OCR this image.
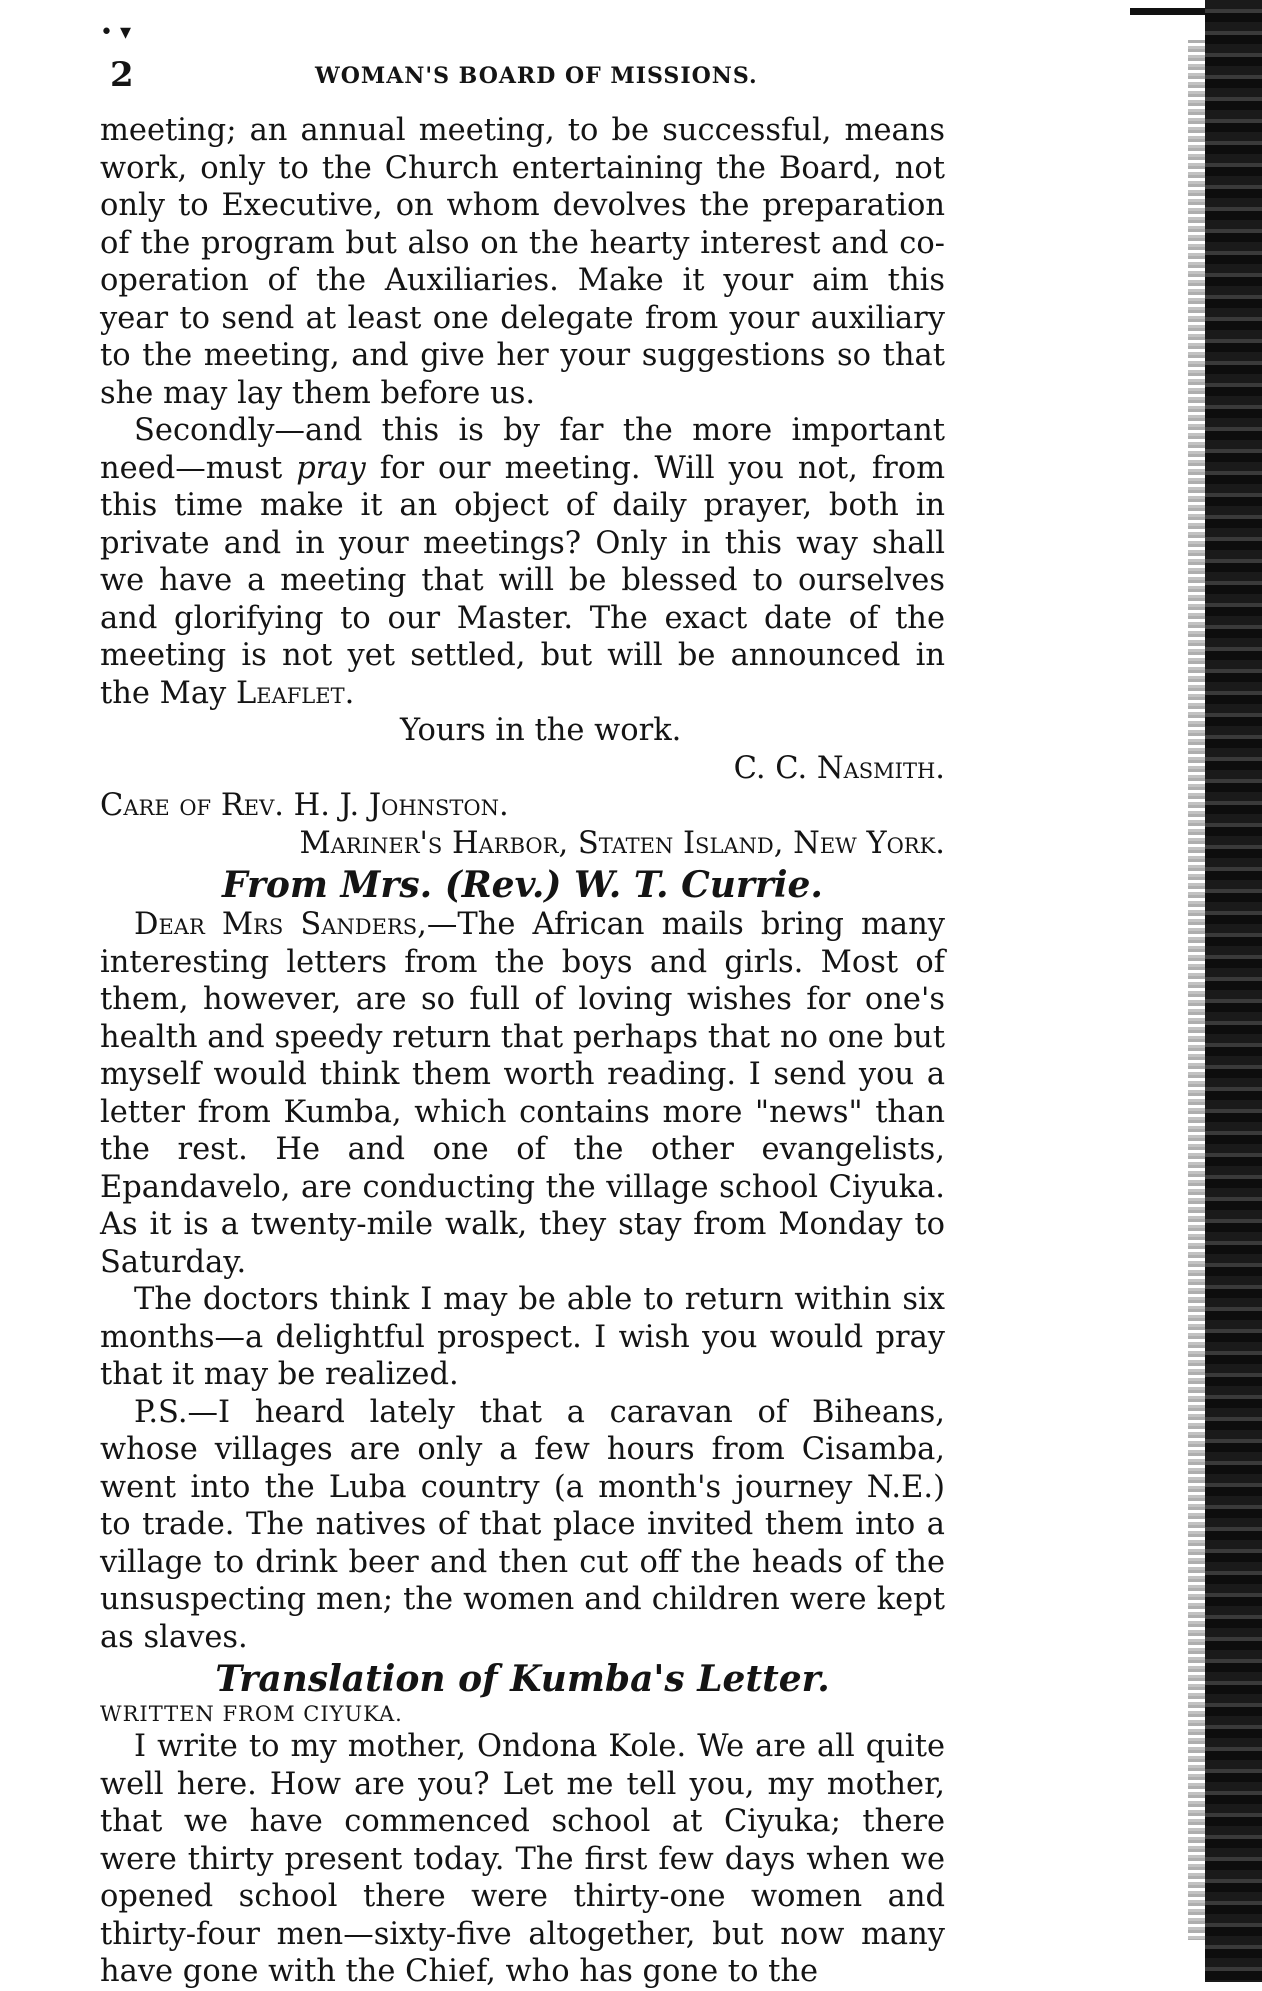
• ▾
2	WOMAN'S BOARD OF MISSIONS.

meeting; an annual meeting, to be successful, means work, only to the Church entertaining the Board, not only to Executive, on whom devolves the preparation of the program but also on the hearty interest and co-operation of the Auxiliaries. Make it your aim this year to send at least one delegate from your auxiliary to the meeting, and give her your suggestions so that she may lay them before us.

Secondly—and this is by far the more important need—must pray for our meeting. Will you not, from this time make it an object of daily prayer, both in private and in your meetings? Only in this way shall we have a meeting that will be blessed to ourselves and glorifying to our Master. The exact date of the meeting is not yet settled, but will be announced in the May Leaflet.

Yours in the work.

C. C. Nasmith.

Care of Rev. H. J. Johnston.

Mariner's Harbor, Staten Island, New York.

From Mrs. (Rev.) W. T. Currie.

Dear Mrs Sanders,—The African mails bring many interesting letters from the boys and girls. Most of them, however, are so full of loving wishes for one's health and speedy return that perhaps that no one but myself would think them worth reading. I send you a letter from Kumba, which contains more "news" than the rest. He and one of the other evangelists, Epandavelo, are conducting the village school Ciyuka. As it is a twenty-mile walk, they stay from Monday to Saturday.

The doctors think I may be able to return within six months—a delightful prospect. I wish you would pray that it may be realized.

P.S.—I heard lately that a caravan of Biheans, whose villages are only a few hours from Cisamba, went into the Luba country (a month's journey N.E.) to trade. The natives of that place invited them into a village to drink beer and then cut off the heads of the unsuspecting men; the women and children were kept as slaves.

Translation of Kumba's Letter.

WRITTEN FROM CIYUKA.

I write to my mother, Ondona Kole. We are all quite well here. How are you? Let me tell you, my mother, that we have commenced school at Ciyuka; there were thirty present today. The first few days when we opened school there were thirty-one women and thirty-four men—sixty-five altogether, but now many have gone with the Chief, who has gone to the
